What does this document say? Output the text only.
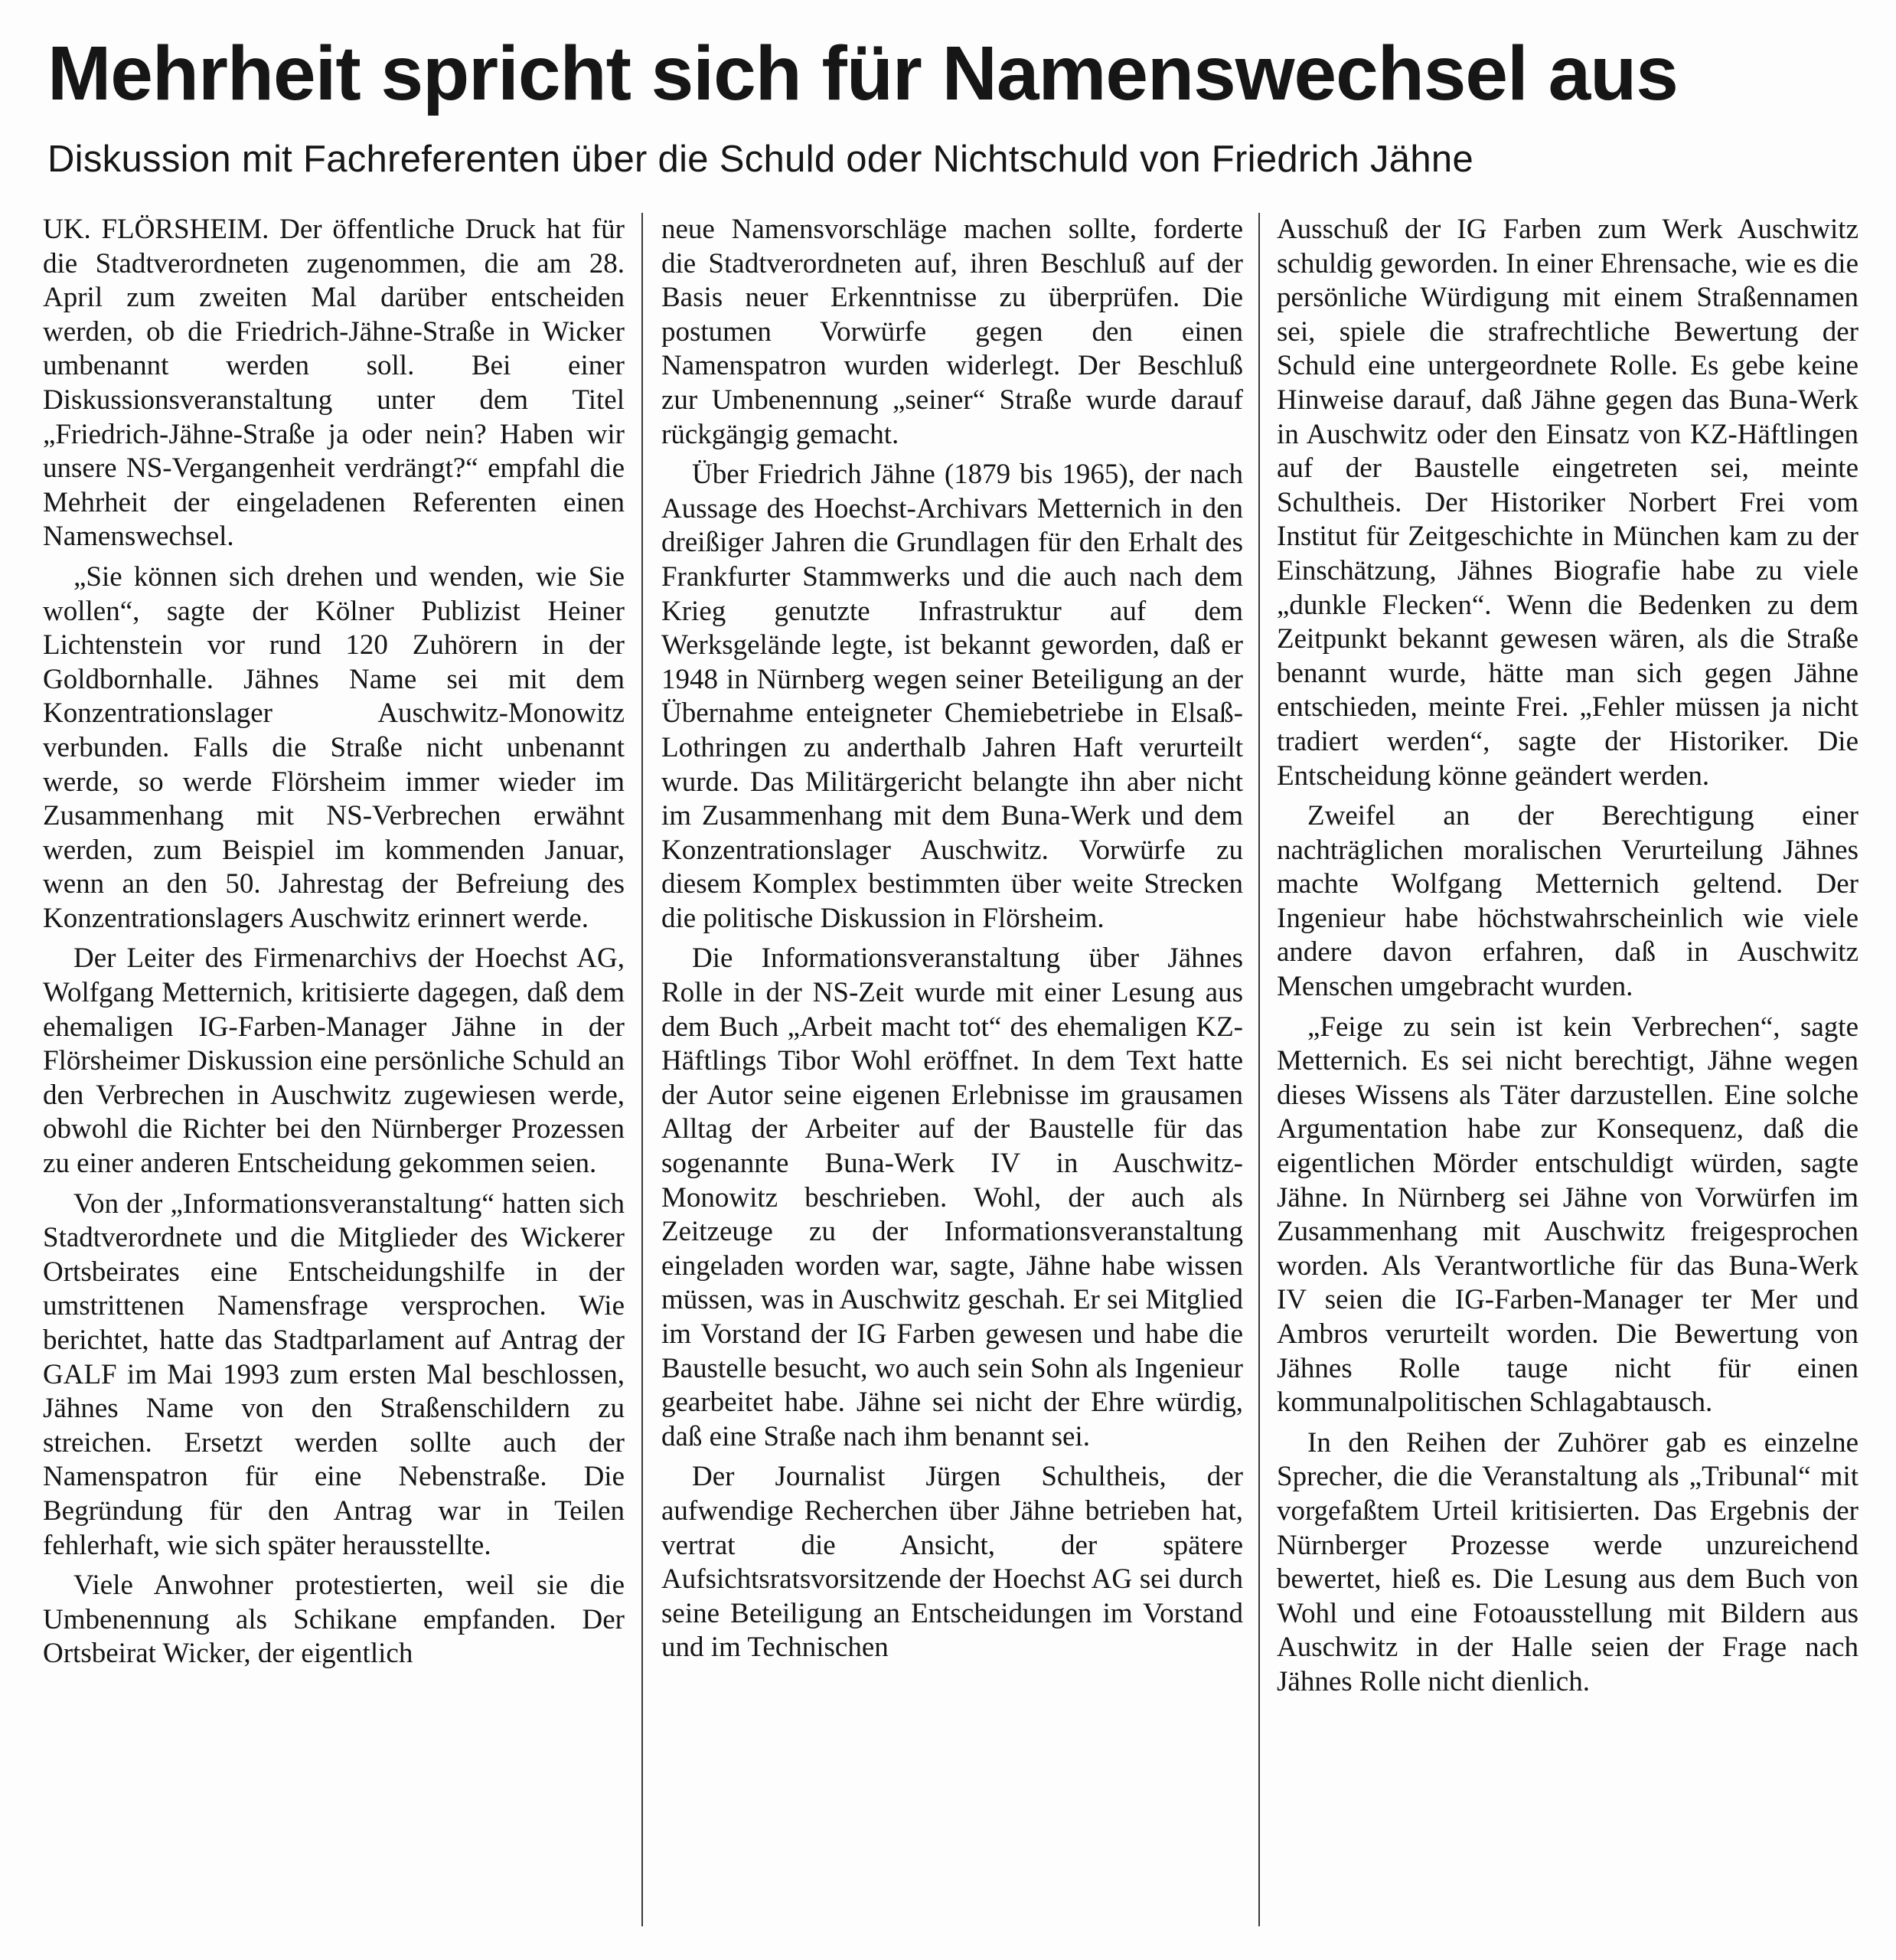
Mehrheit spricht sich für Namenswechsel aus
Diskussion mit Fachreferenten über die Schuld oder Nichtschuld von Friedrich Jähne

UK. FLÖRSHEIM. Der öffentliche Druck hat für die Stadtverordneten zugenommen, die am 28. April zum zweiten Mal darüber entscheiden werden, ob die Friedrich-Jähne-Straße in Wicker umbenannt werden soll. Bei einer Diskussionsveranstaltung unter dem Titel „Friedrich-Jähne-Straße ja oder nein? Haben wir unsere NS-Vergangenheit verdrängt?“ empfahl die Mehrheit der eingeladenen Referenten einen Namenswechsel.

„Sie können sich drehen und wenden, wie Sie wollen“, sagte der Kölner Publizist Heiner Lichtenstein vor rund 120 Zuhörern in der Goldbornhalle. Jähnes Name sei mit dem Konzentrationslager Auschwitz-Monowitz verbunden. Falls die Straße nicht unbenannt werde, so werde Flörsheim immer wieder im Zusammenhang mit NS-Verbrechen erwähnt werden, zum Beispiel im kommenden Januar, wenn an den 50. Jahrestag der Befreiung des Konzentrationslagers Auschwitz erinnert werde.

Der Leiter des Firmenarchivs der Hoechst AG, Wolfgang Metternich, kritisierte dagegen, daß dem ehemaligen IG-Farben-Manager Jähne in der Flörsheimer Diskussion eine persönliche Schuld an den Verbrechen in Auschwitz zugewiesen werde, obwohl die Richter bei den Nürnberger Prozessen zu einer anderen Entscheidung gekommen seien.

Von der „Informationsveranstaltung“ hatten sich Stadtverordnete und die Mitglieder des Wickerer Ortsbeirates eine Entscheidungshilfe in der umstrittenen Namensfrage versprochen. Wie berichtet, hatte das Stadtparlament auf Antrag der GALF im Mai 1993 zum ersten Mal beschlossen, Jähnes Name von den Straßenschildern zu streichen. Ersetzt werden sollte auch der Namenspatron für eine Nebenstraße. Die Begründung für den Antrag war in Teilen fehlerhaft, wie sich später herausstellte.

Viele Anwohner protestierten, weil sie die Umbenennung als Schikane empfanden. Der Ortsbeirat Wicker, der eigentlich

neue Namensvorschläge machen sollte, forderte die Stadtverordneten auf, ihren Beschluß auf der Basis neuer Erkenntnisse zu überprüfen. Die postumen Vorwürfe gegen den einen Namenspatron wurden widerlegt. Der Beschluß zur Umbenennung „seiner“ Straße wurde darauf rückgängig gemacht.

Über Friedrich Jähne (1879 bis 1965), der nach Aussage des Hoechst-Archivars Metternich in den dreißiger Jahren die Grundlagen für den Erhalt des Frankfurter Stammwerks und die auch nach dem Krieg genutzte Infrastruktur auf dem Werksgelände legte, ist bekannt geworden, daß er 1948 in Nürnberg wegen seiner Beteiligung an der Übernahme enteigneter Chemiebetriebe in Elsaß-Lothringen zu anderthalb Jahren Haft verurteilt wurde. Das Militärgericht belangte ihn aber nicht im Zusammenhang mit dem Buna-Werk und dem Konzentrationslager Auschwitz. Vorwürfe zu diesem Komplex bestimmten über weite Strecken die politische Diskussion in Flörsheim.

Die Informationsveranstaltung über Jähnes Rolle in der NS-Zeit wurde mit einer Lesung aus dem Buch „Arbeit macht tot“ des ehemaligen KZ-Häftlings Tibor Wohl eröffnet. In dem Text hatte der Autor seine eigenen Erlebnisse im grausamen Alltag der Arbeiter auf der Baustelle für das sogenannte Buna-Werk IV in Auschwitz-Monowitz beschrieben. Wohl, der auch als Zeitzeuge zu der Informationsveranstaltung eingeladen worden war, sagte, Jähne habe wissen müssen, was in Auschwitz geschah. Er sei Mitglied im Vorstand der IG Farben gewesen und habe die Baustelle besucht, wo auch sein Sohn als Ingenieur gearbeitet habe. Jähne sei nicht der Ehre würdig, daß eine Straße nach ihm benannt sei.

Der Journalist Jürgen Schultheis, der aufwendige Recherchen über Jähne betrieben hat, vertrat die Ansicht, der spätere Aufsichtsratsvorsitzende der Hoechst AG sei durch seine Beteiligung an Entscheidungen im Vorstand und im Technischen

Ausschuß der IG Farben zum Werk Auschwitz schuldig geworden. In einer Ehrensache, wie es die persönliche Würdigung mit einem Straßennamen sei, spiele die strafrechtliche Bewertung der Schuld eine untergeordnete Rolle. Es gebe keine Hinweise darauf, daß Jähne gegen das Buna-Werk in Auschwitz oder den Einsatz von KZ-Häftlingen auf der Baustelle eingetreten sei, meinte Schultheis. Der Historiker Norbert Frei vom Institut für Zeitgeschichte in München kam zu der Einschätzung, Jähnes Biografie habe zu viele „dunkle Flecken“. Wenn die Bedenken zu dem Zeitpunkt bekannt gewesen wären, als die Straße benannt wurde, hätte man sich gegen Jähne entschieden, meinte Frei. „Fehler müssen ja nicht tradiert werden“, sagte der Historiker. Die Entscheidung könne geändert werden.

Zweifel an der Berechtigung einer nachträglichen moralischen Verurteilung Jähnes machte Wolfgang Metternich geltend. Der Ingenieur habe höchstwahrscheinlich wie viele andere davon erfahren, daß in Auschwitz Menschen umgebracht wurden.

„Feige zu sein ist kein Verbrechen“, sagte Metternich. Es sei nicht berechtigt, Jähne wegen dieses Wissens als Täter darzustellen. Eine solche Argumentation habe zur Konsequenz, daß die eigentlichen Mörder entschuldigt würden, sagte Jähne. In Nürnberg sei Jähne von Vorwürfen im Zusammenhang mit Auschwitz freigesprochen worden. Als Verantwortliche für das Buna-Werk IV seien die IG-Farben-Manager ter Mer und Ambros verurteilt worden. Die Bewertung von Jähnes Rolle tauge nicht für einen kommunalpolitischen Schlagabtausch.

In den Reihen der Zuhörer gab es einzelne Sprecher, die die Veranstaltung als „Tribunal“ mit vorgefaßtem Urteil kritisierten. Das Ergebnis der Nürnberger Prozesse werde unzureichend bewertet, hieß es. Die Lesung aus dem Buch von Wohl und eine Fotoausstellung mit Bildern aus Auschwitz in der Halle seien der Frage nach Jähnes Rolle nicht dienlich.
